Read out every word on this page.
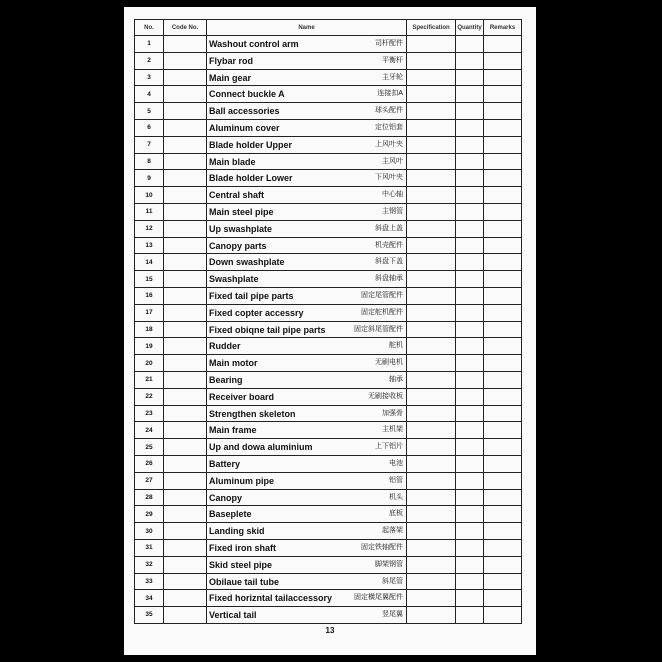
No.	Code No.	Name	Specification	Quantity	Remarks
1		Washout control arm 司杆配件			

2		Flybar rod 平衡杆			

3		Main gear 主牙轮			

4		Connect buckle A 连接扣A			

5		Ball accessories 球头配件			

6		Aluminum cover 定位铝套			

7		Blade holder Upper 上风叶夹			

8		Main blade 主风叶			

9		Blade holder Lower 下风叶夹			

10		Central shaft 中心轴			

11		Main steel pipe 主钢管			

12		Up swashplate 斜盘上盖			

13		Canopy parts 机壳配件			

14		Down swashplate 斜盘下盖			

15		Swashplate 斜盘轴承			

16		Fixed tail pipe parts 固定尾管配件			

17		Fixed copter accessry 固定舵机配件			

18		Fixed obiqne tail pipe parts 固定斜尾管配件			

19		Rudder 舵机			

20		Main motor 无刷电机			

21		Bearing 轴承			

22		Receiver board 无刷接收板			

23		Strengthen skeleton 加强骨			

24		Main frame 主机架			

25		Up and dowa aluminium 上下铝片			

26		Battery 电池			

27		Aluminum pipe 铝管			

28		Canopy 机头			

29		Baseplete 底板			

30		Landing skid 起落架			

31		Fixed iron shaft 固定铁轴配件			

32		Skid steel pipe 脚架钢管			

33		Obilaue tail tube 斜尾管			

34		Fixed horizntal tailaccessory 固定横尾翼配件			

35		Vertical tail 竖尾翼			

13
